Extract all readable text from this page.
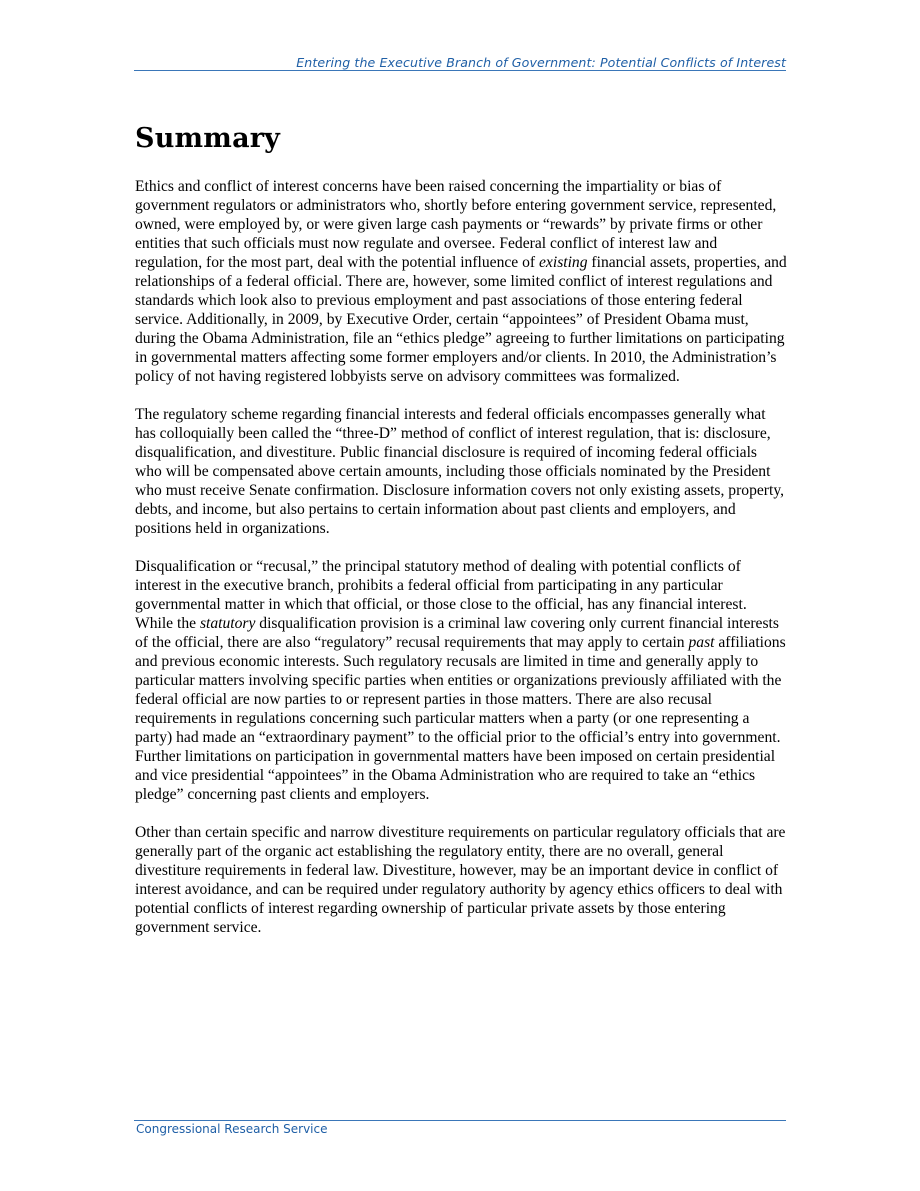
Entering the Executive Branch of Government: Potential Conflicts of Interest
Summary

Ethics and conflict of interest concerns have been raised concerning the impartiality or bias of government regulators or administrators who, shortly before entering government service, represented, owned, were employed by, or were given large cash payments or “rewards” by private firms or other entities that such officials must now regulate and oversee. Federal conflict of interest law and regulation, for the most part, deal with the potential influence of existing financial assets, properties, and relationships of a federal official. There are, however, some limited conflict of interest regulations and standards which look also to previous employment and past associations of those entering federal service. Additionally, in 2009, by Executive Order, certain “appointees” of President Obama must, during the Obama Administration, file an “ethics pledge” agreeing to further limitations on participating in governmental matters affecting some former employers and/or clients. In 2010, the Administration’s policy of not having registered lobbyists serve on advisory committees was formalized.

The regulatory scheme regarding financial interests and federal officials encompasses generally what has colloquially been called the “three-D” method of conflict of interest regulation, that is: disclosure, disqualification, and divestiture. Public financial disclosure is required of incoming federal officials who will be compensated above certain amounts, including those officials nominated by the President who must receive Senate confirmation. Disclosure information covers not only existing assets, property, debts, and income, but also pertains to certain information about past clients and employers, and positions held in organizations.

Disqualification or “recusal,” the principal statutory method of dealing with potential conflicts of interest in the executive branch, prohibits a federal official from participating in any particular governmental matter in which that official, or those close to the official, has any financial interest. While the statutory disqualification provision is a criminal law covering only current financial interests of the official, there are also “regulatory” recusal requirements that may apply to certain past affiliations and previous economic interests. Such regulatory recusals are limited in time and generally apply to particular matters involving specific parties when entities or organizations previously affiliated with the federal official are now parties to or represent parties in those matters. There are also recusal requirements in regulations concerning such particular matters when a party (or one representing a party) had made an “extraordinary payment” to the official prior to the official’s entry into government. Further limitations on participation in governmental matters have been imposed on certain presidential and vice presidential “appointees” in the Obama Administration who are required to take an “ethics pledge” concerning past clients and employers.

Other than certain specific and narrow divestiture requirements on particular regulatory officials that are generally part of the organic act establishing the regulatory entity, there are no overall, general divestiture requirements in federal law. Divestiture, however, may be an important device in conflict of interest avoidance, and can be required under regulatory authority by agency ethics officers to deal with potential conflicts of interest regarding ownership of particular private assets by those entering government service.

Congressional Research Service
